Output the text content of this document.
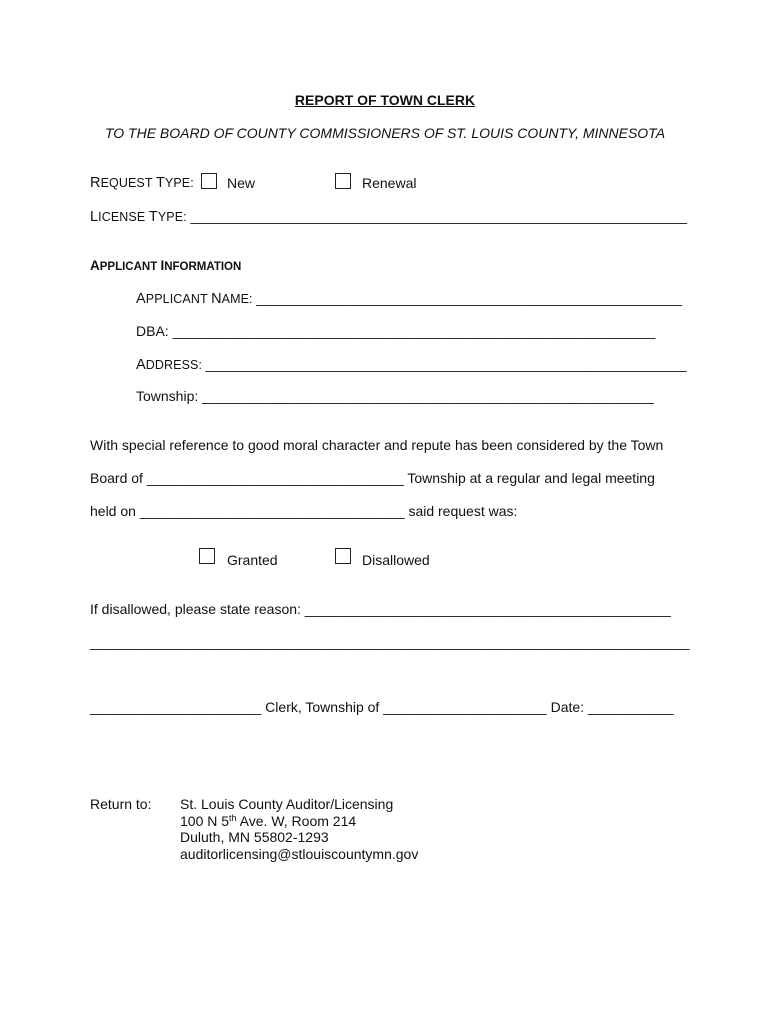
REPORT OF TOWN CLERK
TO THE BOARD OF COUNTY COMMISSIONERS OF ST. LOUIS COUNTY, MINNESOTA
REQUEST TYPE: New	Renewal
LICENSE TYPE: _______________________________________________________________
APPLICANT INFORMATION
APPLICANT NAME: ______________________________________________________
DBA: ______________________________________________________________
ADDRESS: _____________________________________________________________
Township: __________________________________________________________
With special reference to good moral character and repute has been considered by the Town
Board of _________________________________ Township at a regular and legal meeting
held on __________________________________ said request was:
Granted	Disallowed
If disallowed, please state reason: _______________________________________________
_____________________________________________________________________________
______________________ Clerk, Township of _____________________ Date: ___________
Return to: St. Louis County Auditor/Licensing
100 N 5th Ave. W, Room 214
Duluth, MN 55802-1293
auditorlicensing@stlouiscountymn.gov
